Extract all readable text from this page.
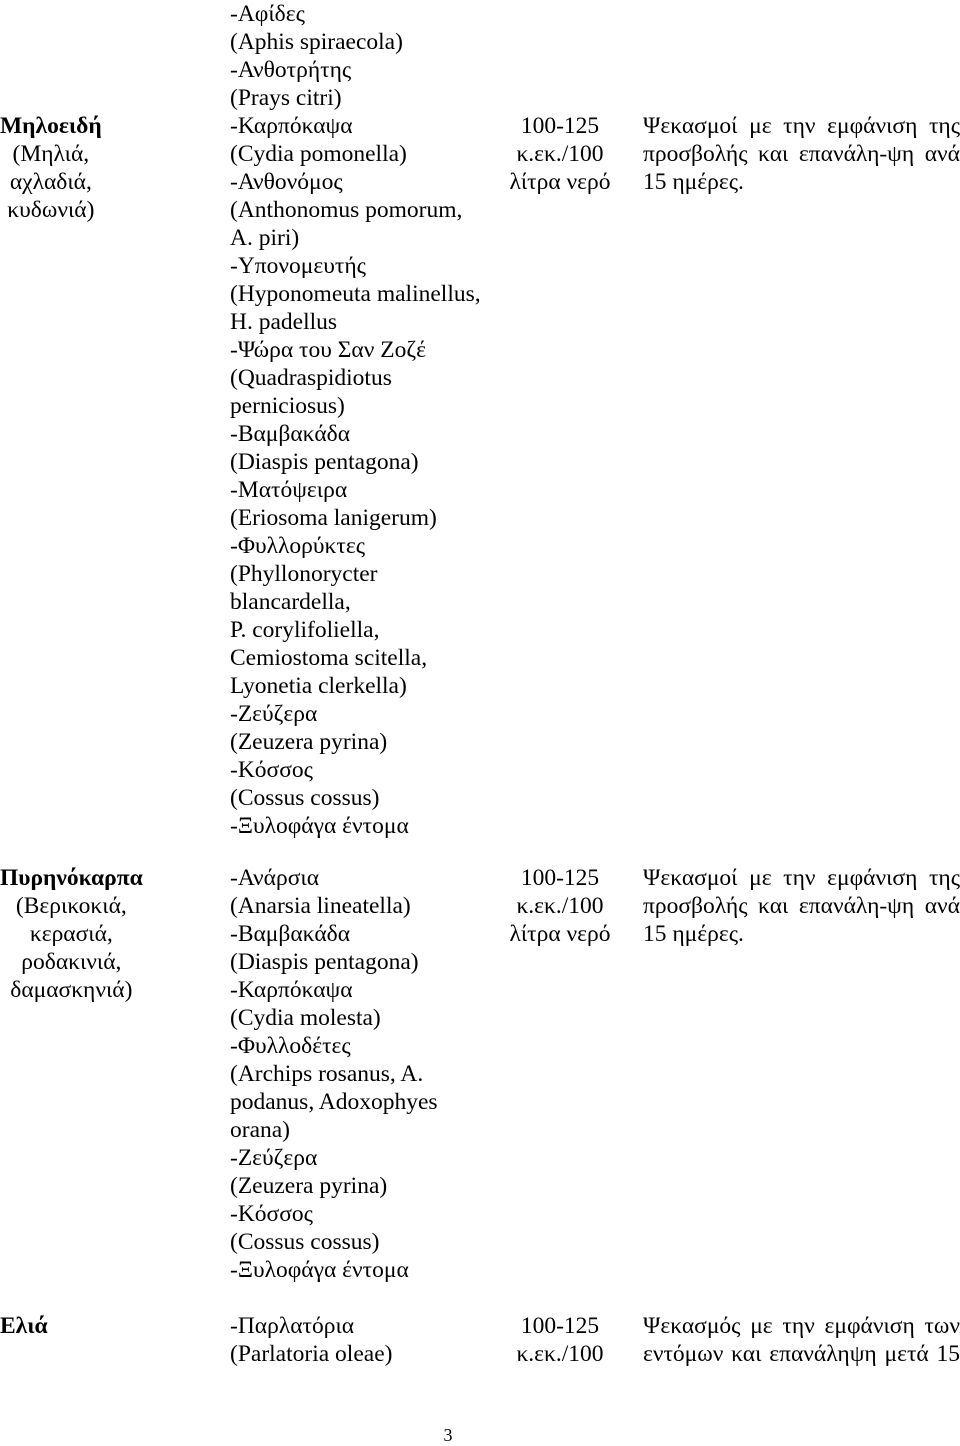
Μηλοειδή
(Μηλιά,
αχλαδιά,
κυδωνιά)
-Αφίδες
(Aphis spiraecola)
-Ανθοτρήτης
(Prays citri)
-Καρπόκαψα
(Cydia pomonella)
-Ανθονόμος
(Anthonomus pomorum,
A. piri)
-Υπονομευτής
(Hyponomeuta malinellus,
H. padellus
-Ψώρα του Σαν Ζοζέ
(Quadraspidiotus
perniciosus)
-Βαμβακάδα
(Diaspis pentagona)
-Ματόψειρα
(Eriosoma lanigerum)
-Φυλλορύκτες
(Phyllonorycter
blancardella,
P. corylifoliella,
Cemiostoma scitella,
Lyonetia clerkella)
-Ζεύζερα
(Zeuzera pyrina)
-Κόσσος
(Cossus cossus)
-Ξυλοφάγα έντομα
100-125
κ.εκ./100
λίτρα νερό
Ψεκασμοί με την εμφάνιση της
προσβολής και επανάλη-ψη ανά
15 ημέρες.
Πυρηνόκαρπα
(Βερικοκιά,
κερασιά,
ροδακινιά,
δαμασκηνιά)
-Ανάρσια
(Anarsia lineatella)
-Βαμβακάδα
(Diaspis pentagona)
-Καρπόκαψα
(Cydia molesta)
-Φυλλοδέτες
(Archips rosanus, A.
podanus, Adoxophyes
orana)
-Ζεύζερα
(Zeuzera pyrina)
-Κόσσος
(Cossus cossus)
-Ξυλοφάγα έντομα
100-125
κ.εκ./100
λίτρα νερό
Ψεκασμοί με την εμφάνιση της
προσβολής και επανάλη-ψη ανά
15 ημέρες.
Ελιά	-Παρλατόρια
(Parlatoria oleae)
100-125
κ.εκ./100
Ψεκασμός με την εμφάνιση των
εντόμων και επανάληψη μετά 15
3
